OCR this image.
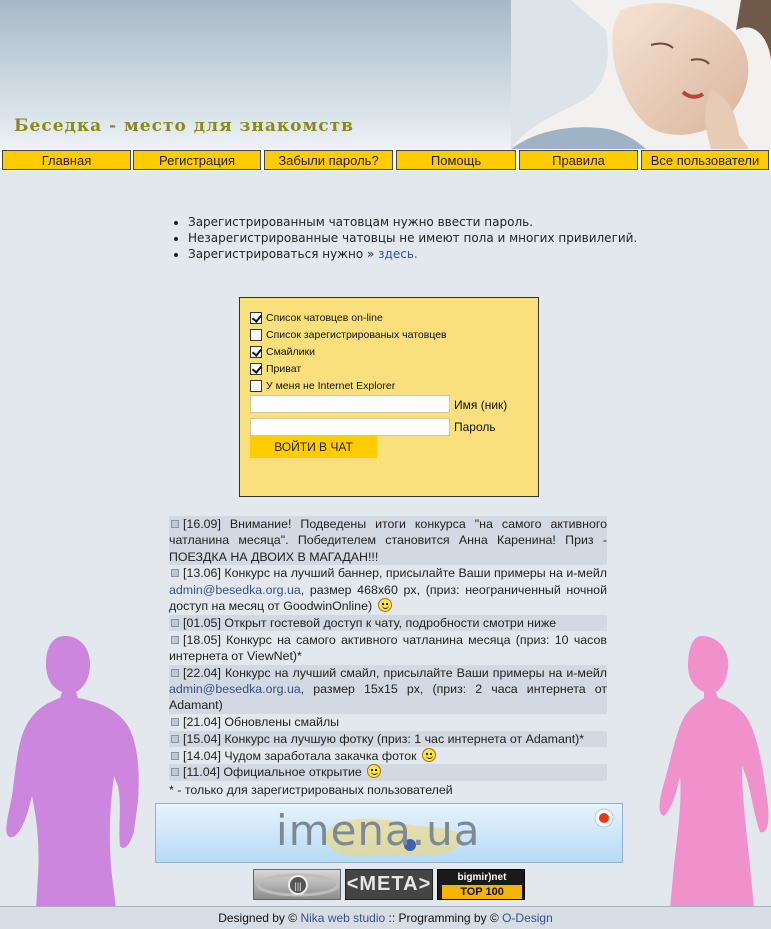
Беседка - место для знакомств
Главная	Регистрация	Забыли пароль?	Помощь	Правила	Все пользователи
• Зарегистрированным чатовцам нужно ввести пароль.
• Незарегистрированные чатовцы не имеют пола и многих привилегий.
• Зарегистрироваться нужно » здесь.
Список чатовцев on-line
Список зарегистрированых чатовцев
Смайлики
Приват
У меня не Internet Explorer
Имя (ник)
Пароль
ВОЙТИ В ЧАТ
[16.09] Внимание! Подведены итоги конкурса "на самого активного чатланина месяца". Победителем становится Анна Каренина! Приз - ПОЕЗДКА НА ДВОИХ В МАГАДАН!!!
[13.06] Конкурс на лучший баннер, присылайте Ваши примеры на и-мейл admin@besedka.org.ua, размер 468x60 px, (приз: неограниченный ночной доступ на месяц от GoodwinOnline)
[01.05] Открыт гостевой доступ к чату, подробности смотри ниже
[18.05] Конкурс на самого активного чатланина месяца (приз: 10 часов интернета от ViewNet)*
[22.04] Конкурс на лучший смайл, присылайте Ваши примеры на и-мейл admin@besedka.org.ua, размер 15x15 px, (приз: 2 часа интернета от Adamant)
[21.04] Обновлены смайлы
[15.04] Конкурс на лучшую фотку (приз: 1 час интернета от Adamant)*
[14.04] Чудом заработала закачка фоток
[11.04] Официальное открытие
* - только для зарегистрированых пользователей
imena.ua
||| <META>	bigmir)net
TOP 100
Designed by ©
Nika web studio
::
Programming by ©
O-Design
